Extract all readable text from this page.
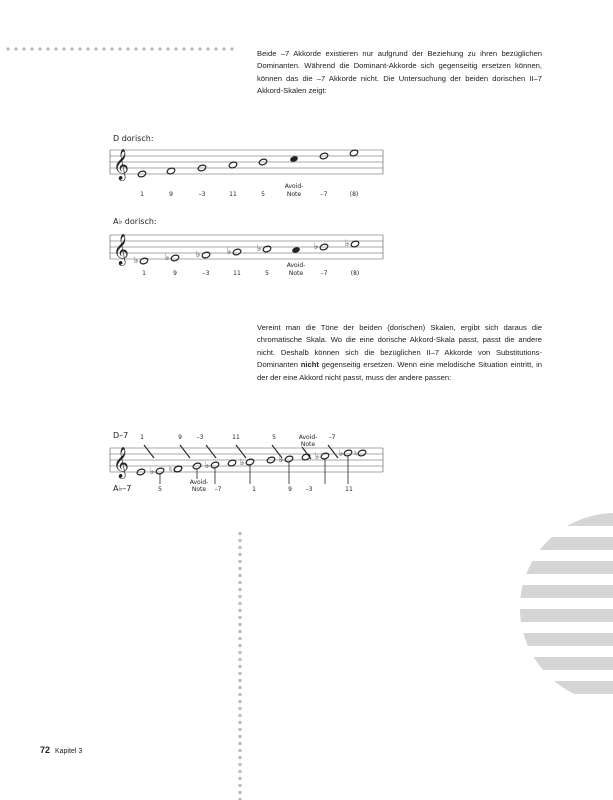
Beide –7 Akkorde existieren nur aufgrund der Beziehung zu ihren bezüglichen Dominanten. Während die Dominant-Akkorde sich gegenseitig ersetzen können, können das die –7 Akkorde nicht. Die Untersuchung der beiden dorischen II–7 Akkord-Skalen zeigt:

Vereint man die Töne der beiden (dorischen) Skalen, ergibt sich daraus die chromatische Skala. Wo die eine dorische Akkord-Skala passt, passt die andere nicht. Deshalb können sich die bezüglichen II–7 Akkorde von Substitutions-Dominanten nicht gegenseitig ersetzen. Wenn eine melodische Situation eintritt, in der der eine Akkord nicht passt, muss der andere passen:

D dorisch:
𝄞
1	9	–3	11	5
Avoid-
Note	–7	(8)
A♭ dorisch:
𝄞 ♭	♭	♭	♭	♭	♭	♭
1	9	–3	11	5
Avoid-
Note	–7	(8)
D–7
A♭–7
1	9 –3	11	5	Avoid-
Note
–7
𝄞 ♭ ♮	♭	♭	♭	♭ ♭ ♮
5
Avoid-
Note –7	1	9 –3	11
72 Kapitel 3
